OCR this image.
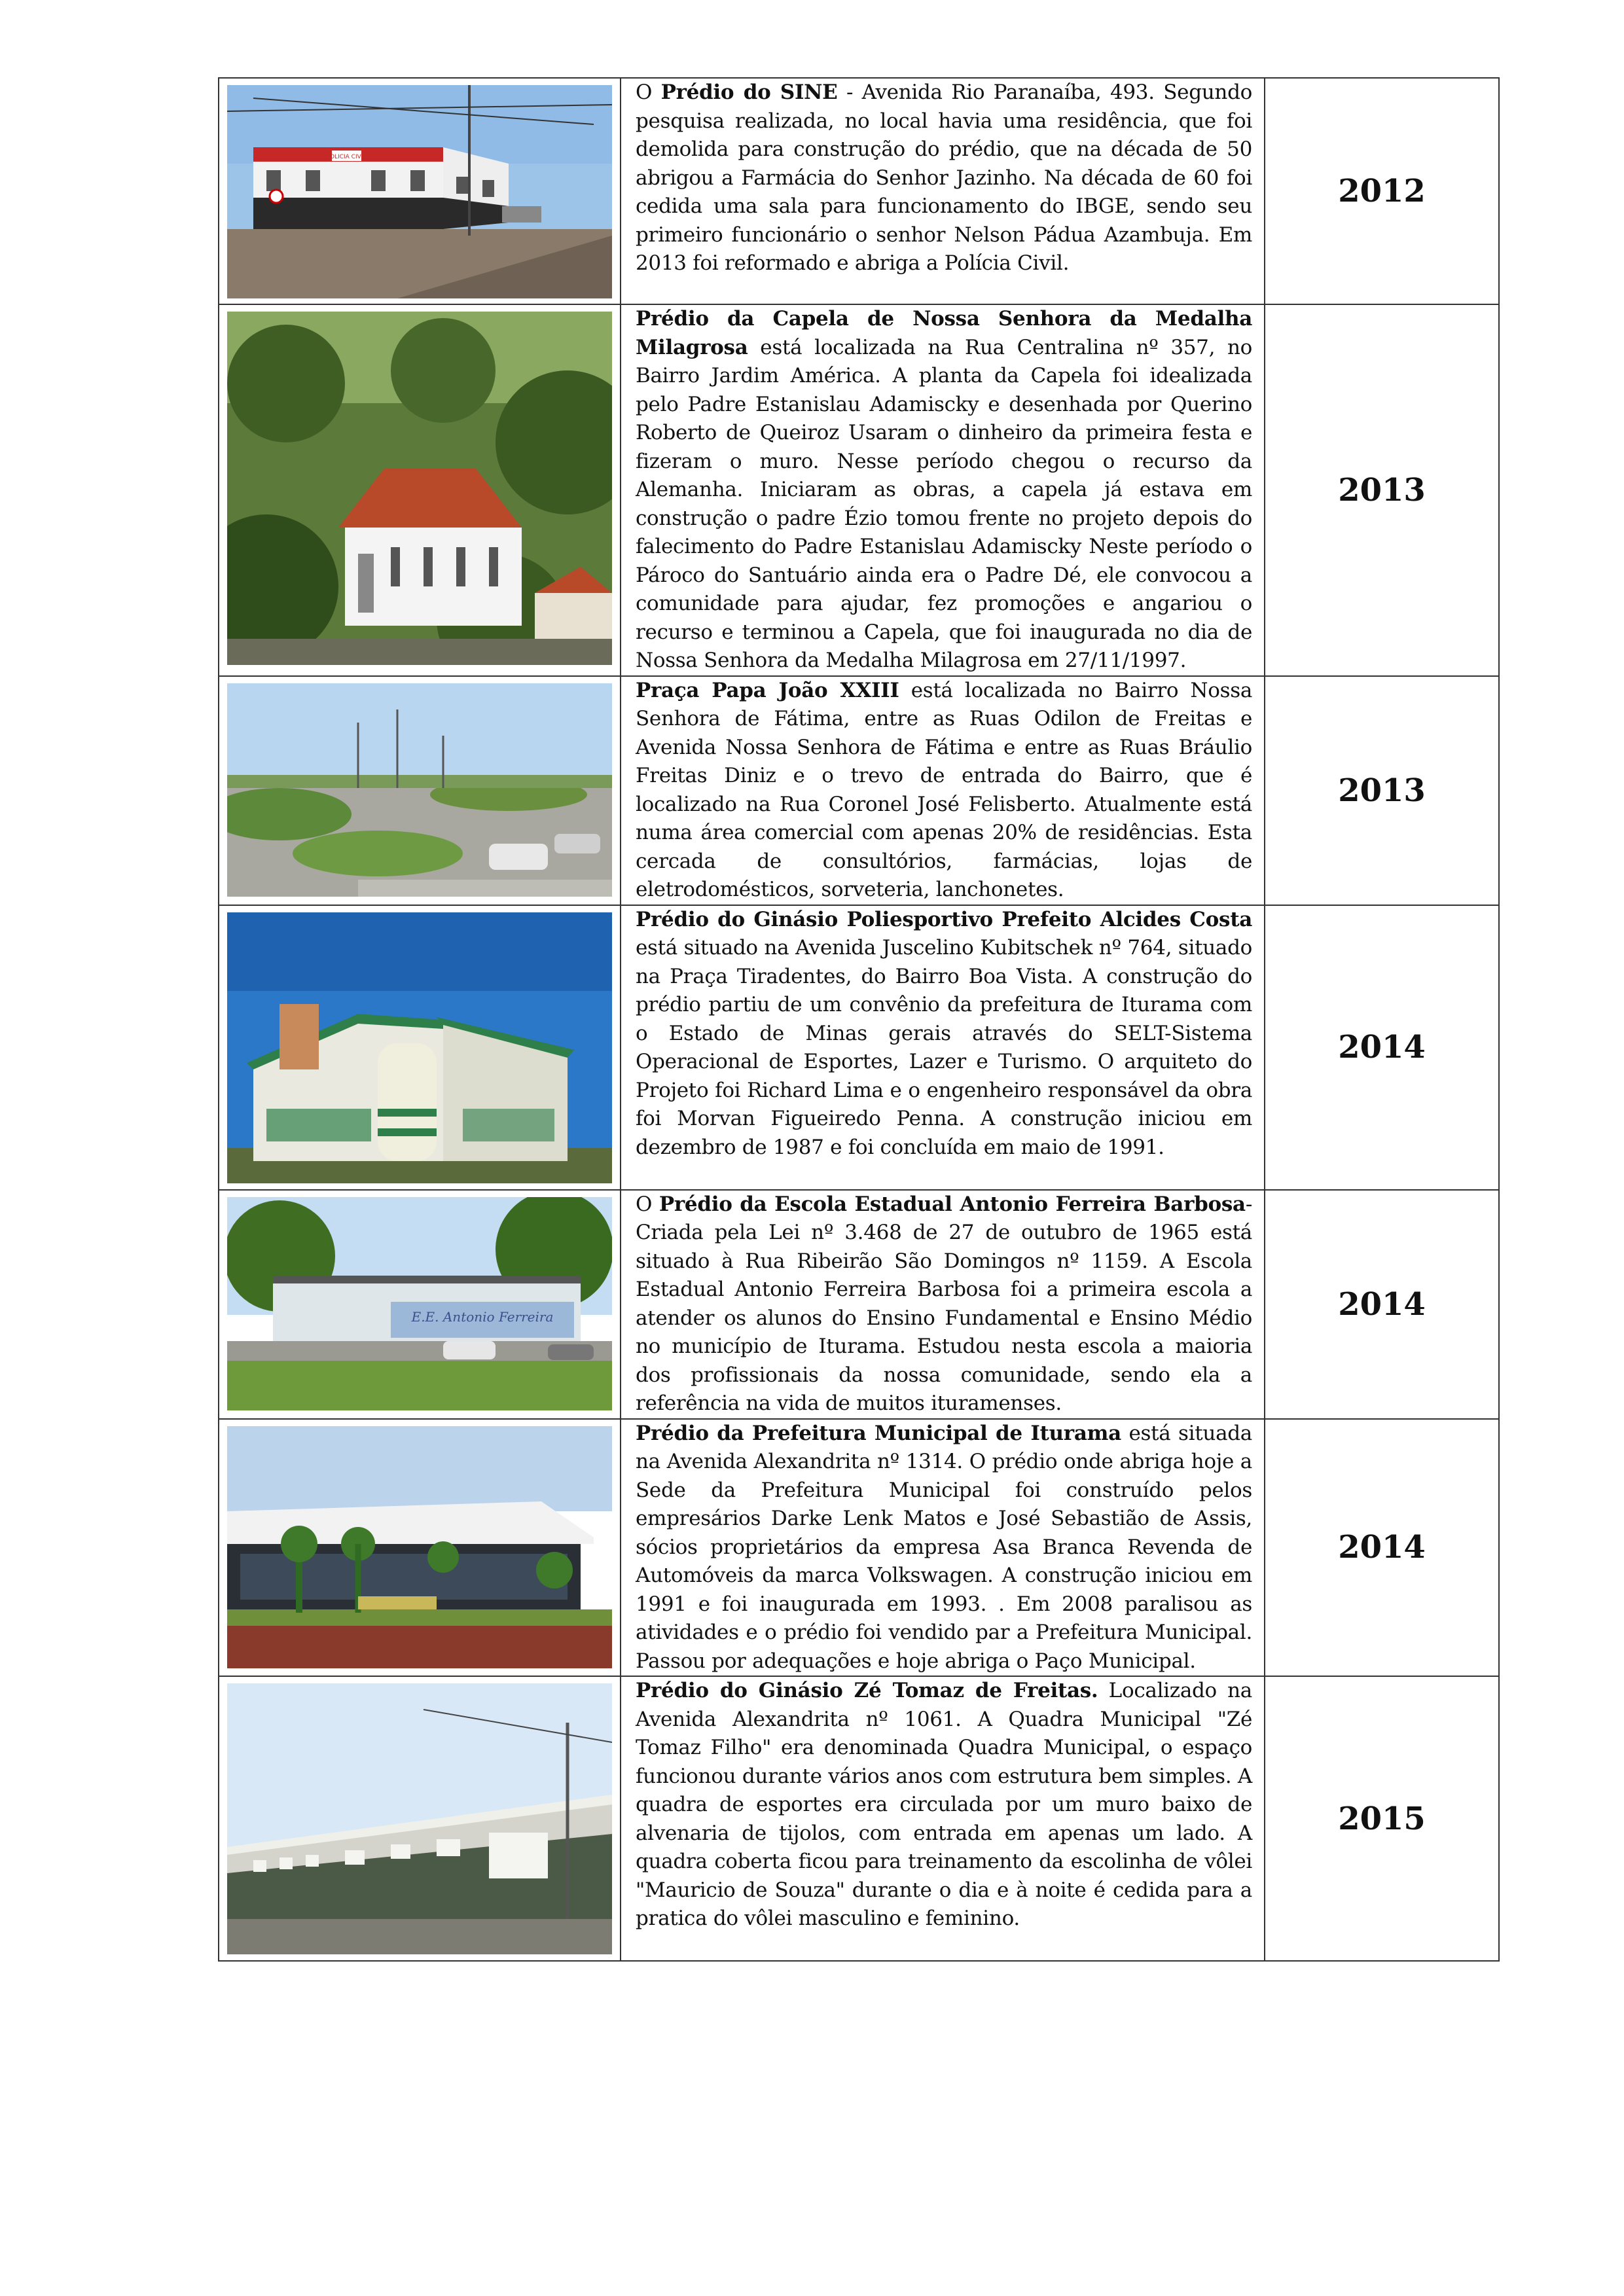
POLICIA CIVIL	O Prédio do SINE - Avenida Rio Paranaíba, 493. Segundo pesquisa realizada, no local havia uma residência, que foi demolida para construção do prédio, que na década de 50 abrigou a Farmácia do Senhor Jazinho. Na década de 60 foi cedida uma sala para funcionamento do IBGE, sendo seu primeiro funcionário o senhor Nelson Pádua Azambuja. Em 2013 foi reformado e abriga a Polícia Civil.	2012

Prédio da Capela de Nossa Senhora da Medalha Milagrosa está localizada na Rua Centralina nº 357, no Bairro Jardim América. A planta da Capela foi idealizada pelo Padre Estanislau Adamiscky e desenhada por Querino Roberto de Queiroz Usaram o dinheiro da primeira festa e fizeram o muro. Nesse período chegou o recurso da Alemanha. Iniciaram as obras, a capela já estava em construção o padre Ézio tomou frente no projeto depois do falecimento do Padre Estanislau Adamiscky Neste período o Pároco do Santuário ainda era o Padre Dé, ele convocou a comunidade para ajudar, fez promoções e angariou o recurso e terminou a Capela, que foi inaugurada no dia de Nossa Senhora da Medalha Milagrosa em 27/11/1997.	2013

Praça Papa João XXIII está localizada no Bairro Nossa Senhora de Fátima, entre as Ruas Odilon de Freitas e Avenida Nossa Senhora de Fátima e entre as Ruas Bráulio Freitas Diniz e o trevo de entrada do Bairro, que é localizado na Rua Coronel José Felisberto. Atualmente está numa área comercial com apenas 20% de residências. Esta cercada de consultórios, farmácias, lojas de eletrodomésticos, sorveteria, lanchonetes.	2013

Prédio do Ginásio Poliesportivo Prefeito Alcides Costa está situado na Avenida Juscelino Kubitschek nº 764, situado na Praça Tiradentes, do Bairro Boa Vista. A construção do prédio partiu de um convênio da prefeitura de Iturama com o Estado de Minas gerais através do SELT-Sistema Operacional de Esportes, Lazer e Turismo. O arquiteto do Projeto foi Richard Lima e o engenheiro responsável da obra foi Morvan Figueiredo Penna. A construção iniciou em dezembro de 1987 e foi concluída em maio de 1991.	2014

E.E. Antonio Ferreira	O Prédio da Escola Estadual Antonio Ferreira Barbosa-Criada pela Lei nº 3.468 de 27 de outubro de 1965 está situado à Rua Ribeirão São Domingos nº 1159. A Escola Estadual Antonio Ferreira Barbosa foi a primeira escola a atender os alunos do Ensino Fundamental e Ensino Médio no município de Iturama. Estudou nesta escola a maioria dos profissionais da nossa comunidade, sendo ela a referência na vida de muitos ituramenses.	2014

Prédio da Prefeitura Municipal de Iturama está situada na Avenida Alexandrita nº 1314. O prédio onde abriga hoje a Sede da Prefeitura Municipal foi construído pelos empresários Darke Lenk Matos e José Sebastião de Assis, sócios proprietários da empresa Asa Branca Revenda de Automóveis da marca Volkswagen. A construção iniciou em 1991 e foi inaugurada em 1993. . Em 2008 paralisou as atividades e o prédio foi vendido par a Prefeitura Municipal. Passou por adequações e hoje abriga o Paço Municipal.	2014

Prédio do Ginásio Zé Tomaz de Freitas. Localizado na Avenida Alexandrita nº 1061. A Quadra Municipal "Zé Tomaz Filho" era denominada Quadra Municipal, o espaço funcionou durante vários anos com estrutura bem simples. A quadra de esportes era circulada por um muro baixo de alvenaria de tijolos, com entrada em apenas um lado. A quadra coberta ficou para treinamento da escolinha de vôlei "Mauricio de Souza" durante o dia e à noite é cedida para a pratica do vôlei masculino e feminino.	2015
